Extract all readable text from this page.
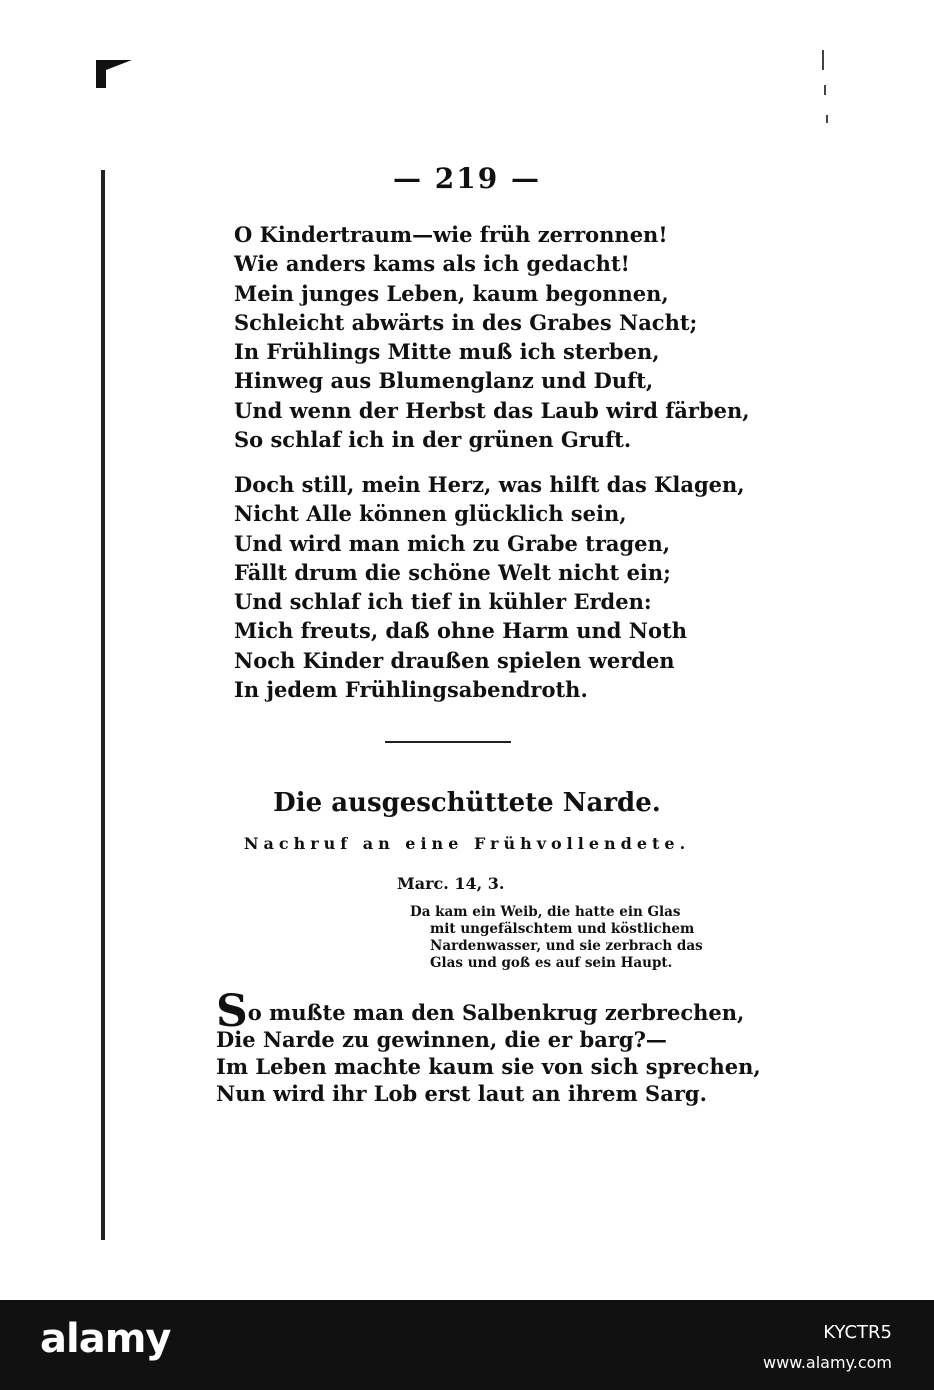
— 219 —
O Kindertraum—wie früh zerronnen!
Wie anders kams als ich gedacht!
Mein junges Leben, kaum begonnen,
Schleicht abwärts in des Grabes Nacht;
In Frühlings Mitte muß ich sterben,
Hinweg aus Blumenglanz und Duft,
Und wenn der Herbst das Laub wird färben,
So schlaf ich in der grünen Gruft.
Doch still, mein Herz, was hilft das Klagen,
Nicht Alle können glücklich sein,
Und wird man mich zu Grabe tragen,
Fällt drum die schöne Welt nicht ein;
Und schlaf ich tief in kühler Erden:
Mich freuts, daß ohne Harm und Noth
Noch Kinder draußen spielen werden
In jedem Frühlingsabendroth.
Die ausgeschüttete Narde.
Nachruf an eine Frühvollendete.
Marc. 14, 3.
Da kam ein Weib, die hatte ein Glas
mit ungefälschtem und köstlichem
Nardenwasser, und sie zerbrach das
Glas und goß es auf sein Haupt.
So mußte man den Salbenkrug zerbrechen,
Die Narde zu gewinnen, die er barg?—
Im Leben machte kaum sie von sich sprechen,
Nun wird ihr Lob erst laut an ihrem Sarg.
alamy	KYCTR5
www.alamy.com
